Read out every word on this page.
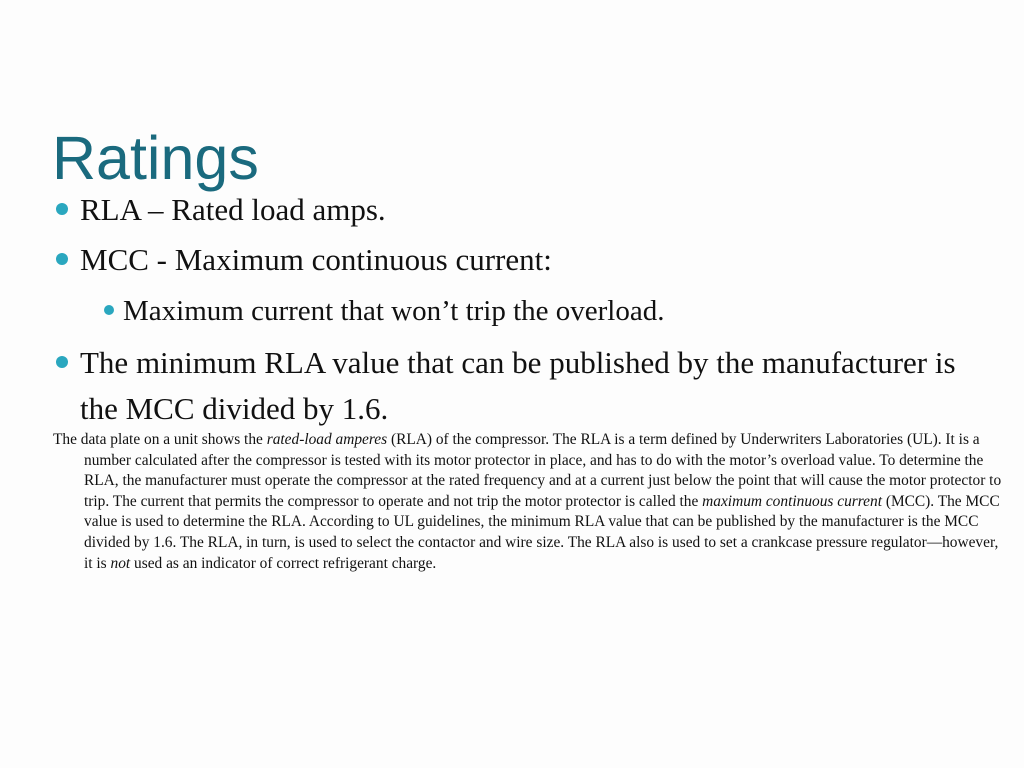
RLA – Rated load amps.
MCC - Maximum continuous current:
Maximum current that won’t trip the overload.
The minimum RLA value that can be published by the manufacturer is the MCC divided by 1.6.
Ratings
The data plate on a unit shows the rated-load amperes (RLA) of the compressor. The RLA is a term defined by Underwriters Laboratories (UL). It is a number calculated after the compressor is tested with its motor protector in place, and has to do with the motor’s overload value. To determine the RLA, the manufacturer must operate the compressor at the rated frequency and at a current just below the point that will cause the motor protector to trip. The current that permits the compressor to operate and not trip the motor protector is called the maximum continuous current (MCC). The MCC value is used to determine the RLA. According to UL guidelines, the minimum RLA value that can be published by the manufacturer is the MCC divided by 1.6. The RLA, in turn, is used to select the contactor and wire size. The RLA also is used to set a crankcase pressure regulator—however, it is not used as an indicator of correct refrigerant charge.
